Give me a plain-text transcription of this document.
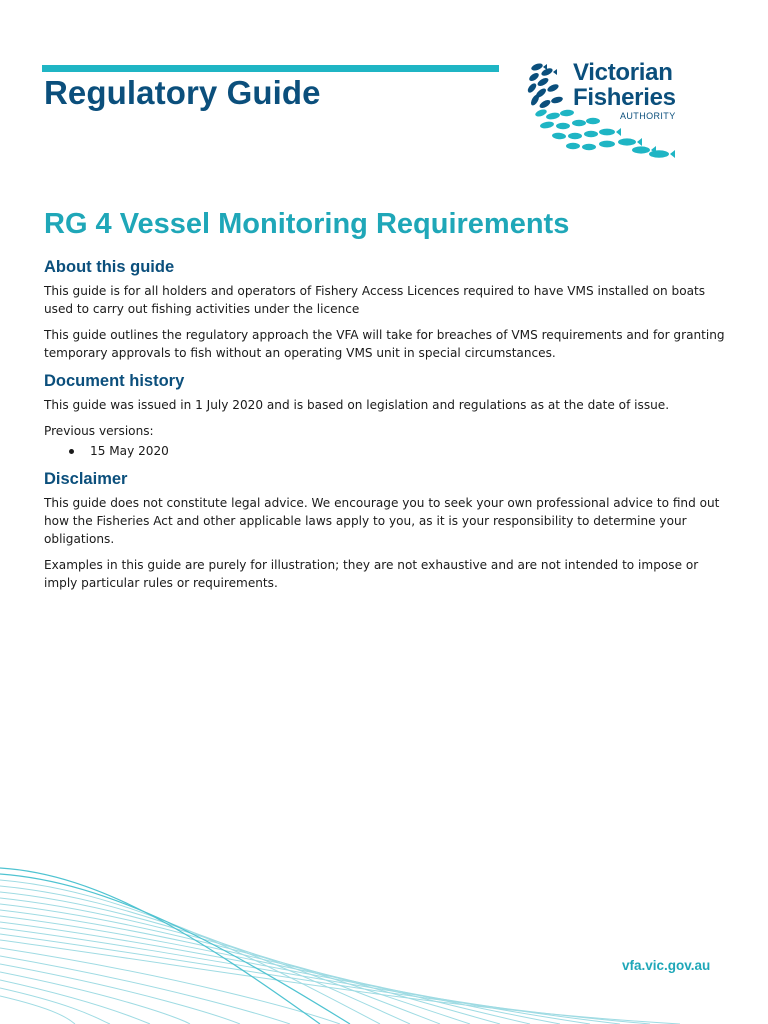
Regulatory Guide
Victorian
Fisheries
AUTHORITY
RG 4 Vessel Monitoring Requirements
About this guide

This guide is for all holders and operators of Fishery Access Licences required to have VMS installed on boats used to carry out fishing activities under the licence

This guide outlines the regulatory approach the VFA will take for breaches of VMS requirements and for granting temporary approvals to fish without an operating VMS unit in special circumstances.

Document history

This guide was issued in 1 July 2020 and is based on legislation and regulations as at the date of issue.

Previous versions:

15 May 2020
Disclaimer

This guide does not constitute legal advice. We encourage you to seek your own professional advice to find out how the Fisheries Act and other applicable laws apply to you, as it is your responsibility to determine your obligations.

Examples in this guide are purely for illustration; they are not exhaustive and are not intended to impose or imply particular rules or requirements.

vfa.vic.gov.au
